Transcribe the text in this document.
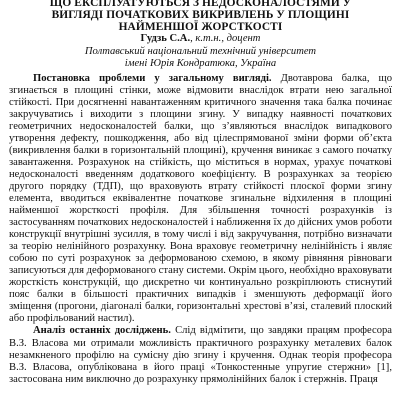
ЩО ЕКСПЛУАТУЮТЬСЯ З НЕДОСКОНАЛОСТЯМИ У
ВИГЛЯДІ ПОЧАТКОВИХ ВИКРИВЛЕНЬ У ПЛОЩИНІ
НАЙМЕНШОЇ ЖОРСТКОСТІ
Гудзь С.А., к.т.н., доцент
Полтавський національний технічний університет
імені Юрія Кондратюка, Україна

Постановка проблеми у загальному вигляді. Двотаврова балка, що згинається в площині стінки, може відмовити внаслідок втрати нею загальної стійкості. При досягненні навантаженням критичного значення така балка починає закручуватись і виходити з площини згину. У випадку наявності початкових геометричних недосконалостей балки, що з’являються внаслідок випадкового утворення дефекту, пошкодження, або від цілеспрямованої зміни форми об’єкта (викривлення балки в горизонтальній площині), кручення виникає з самого початку завантаження. Розрахунок на стійкість, що міститься в нормах, урахує початкові недосконалості введенням додаткового коефіцієнту. В розрахунках за теорією другого порядку (ТДП), що враховують втрату стійкості плоскої форми згину елемента, вводиться еквівалентне початкове згинальне відхилення в площині найменшої жорсткості профіля. Для збільшення точності розрахунків із застосуванням початкових недосконалостей і наближення їх до дійсних умов роботи конструкції внутрішні зусилля, в тому числі і від закручування, потрібно визначати за теорію нелінійного розрахунку. Вона враховує геометричну нелінійність і являє собою по суті розрахунок за деформованою схемою, в якому рівняння рівноваги записуються для деформованого стану системи. Окрім цього, необхідно враховувати жорсткість конструкцій, що дискретно чи континуально розкріплюють стиснутий пояс балки в більшості практичних випадків і зменшують деформації його зміщення (прогони, діагоналі балки, горизонтальні хрестові в’язі, сталевий плоский або профільований настил).

Аналіз останніх досліджень. Слід відмітити, що завдяки працям професора В.З. Власова ми отримали можливість практичного розрахунку металевих балок незамкненого профілю на сумісну дію згину і кручення. Однак теорія професора В.З. Власова, опублікована в його праці «Тонкостенные упругие стержни» [1], застосована ним виключно до розрахунку прямолінійних балок і стержнів. Праця
